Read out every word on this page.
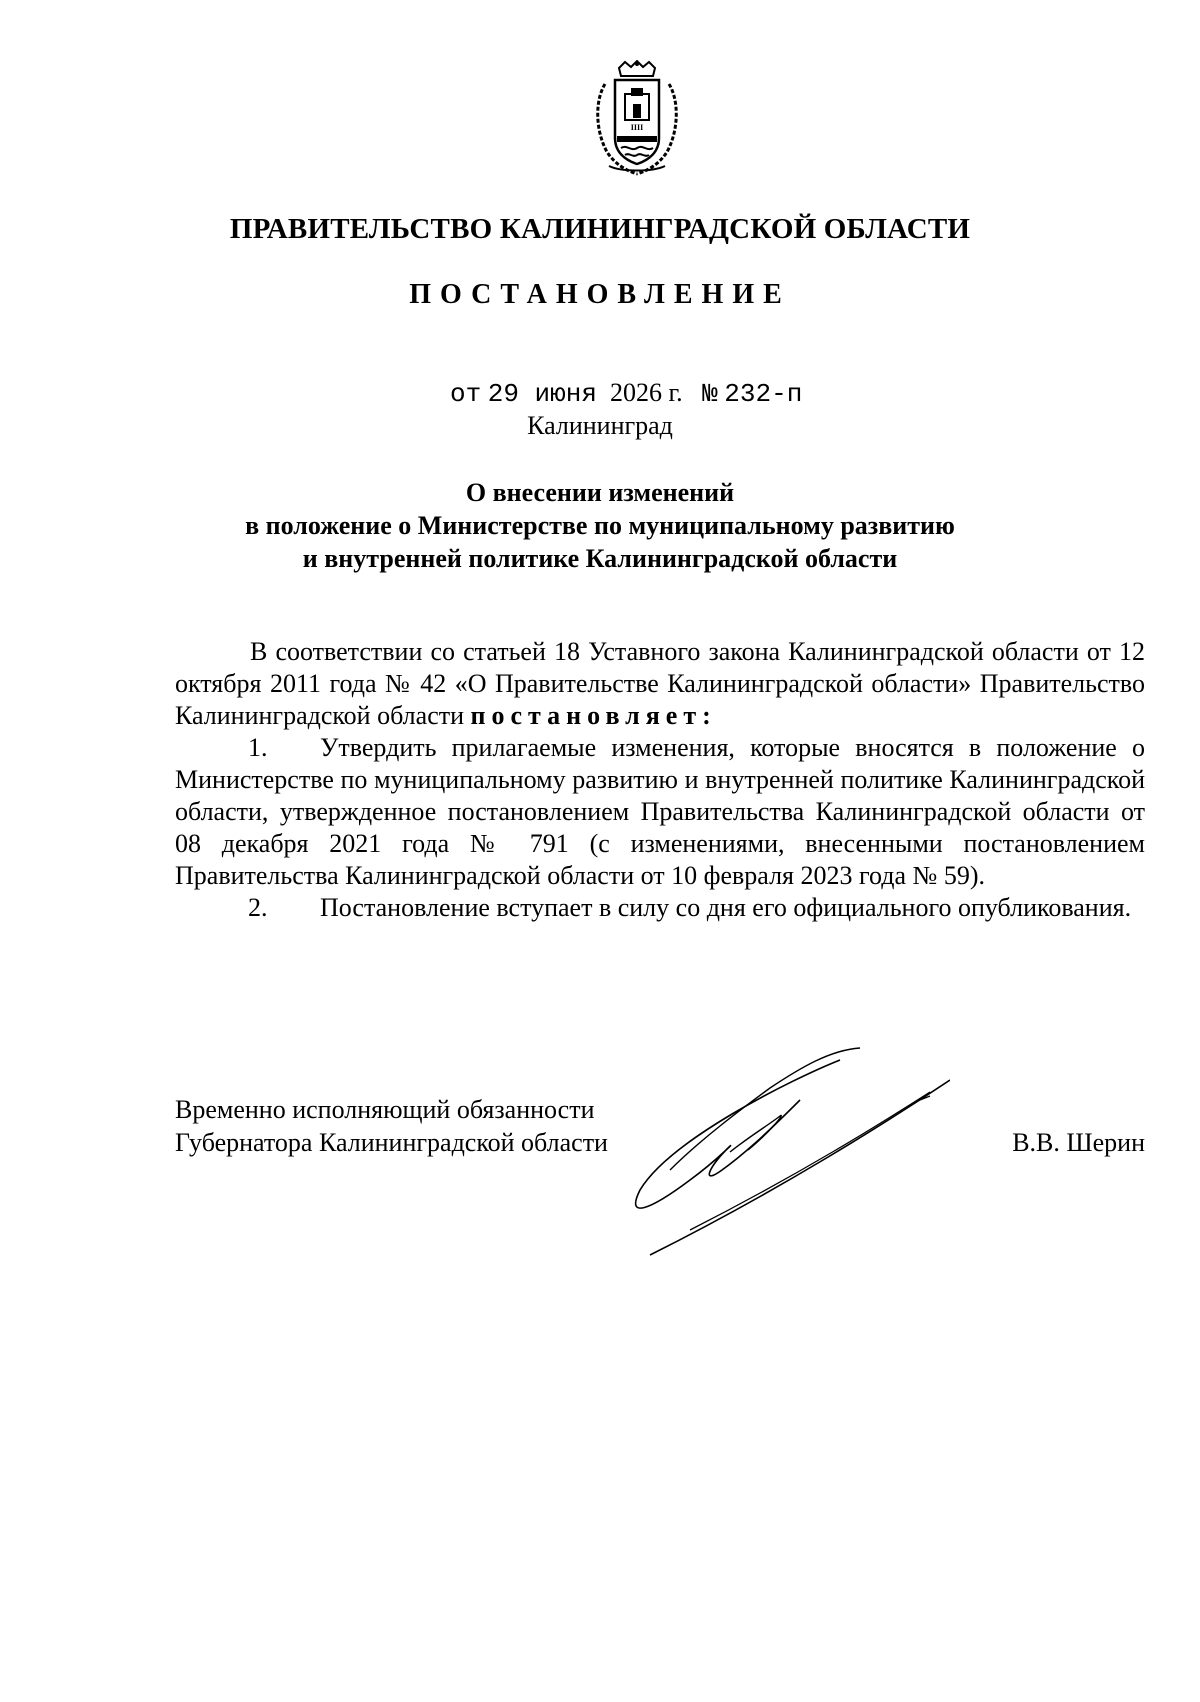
IIII
ПРАВИТЕЛЬСТВО КАЛИНИНГРАДСКОЙ ОБЛАСТИ
ПОСТАНОВЛЕНИЕ
от 29 июня 2026 г. № 232-п
Калининград
О внесении изменений
в положение о Министерстве по муниципальному развитию
и внутренней политике Калининградской области

В соответствии со статьей 18 Уставного закона Калининградской области от 12 октября 2011 года № 42 «О Правительстве Калининградской области» Правительство Калининградской области постановляет:

1. Утвердить прилагаемые изменения, которые вносятся в положение о Министерстве по муниципальному развитию и внутренней политике Калининградской области, утвержденное постановлением Правительства Калининградской области от 08 декабря 2021 года № 791 (с изменениями, внесенными постановлением Правительства Калининградской области от 10 февраля 2023 года № 59).

2. Постановление вступает в силу со дня его официального опубликования.

Временно исполняющий обязанности
Губернатора Калининградской области	В.В. Шерин
